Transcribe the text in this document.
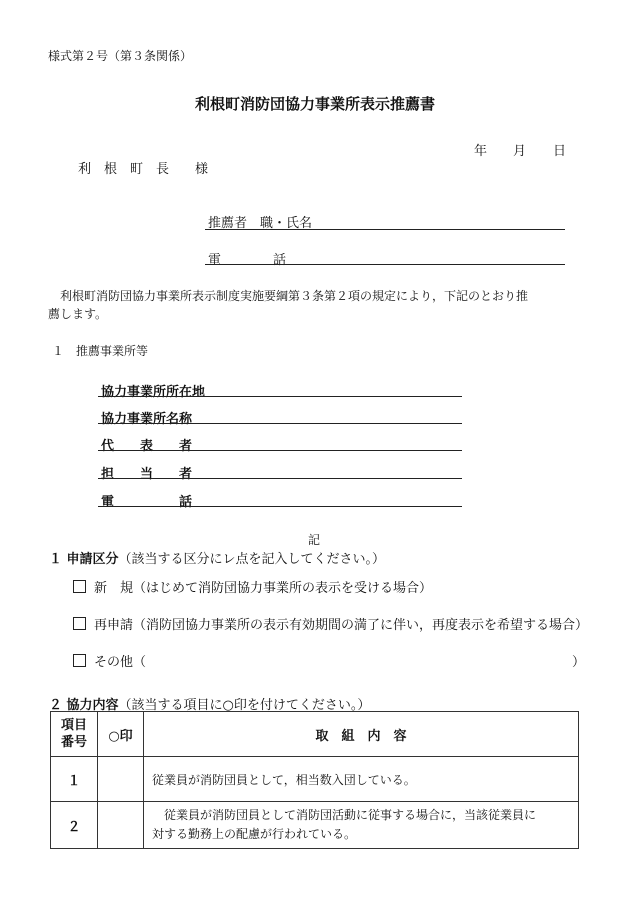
様式第２号（第３条関係）
利根町消防団協力事業所表示推薦書
年 月 日
利　根　町　長　　様
推薦者　職・氏名
電　　　　話
利根町消防団協力事業所表示制度実施要綱第３条第２項の規定により，下記のとおり推
薦します。
１　推薦事業所等
協力事業所所在地
協力事業所名称
代　　表　　者
担　　当　　者
電　　　　　話
記
１ 申請区分（該当する区分にレ点を記入してください。）
新　規（はじめて消防団協力事業所の表示を受ける場合）
再申請（消防団協力事業所の表示有効期間の満了に伴い，再度表示を希望する場合）
その他（	）
２ 協力内容（該当する項目に○印を付けてください。）
項目
番号	○印	取　組　内　容
１		従業員が消防団員として，相当数入団している。
２		　従業員が消防団員として消防団活動に従事する場合に，当該従業員に
対する勤務上の配慮が行われている。
